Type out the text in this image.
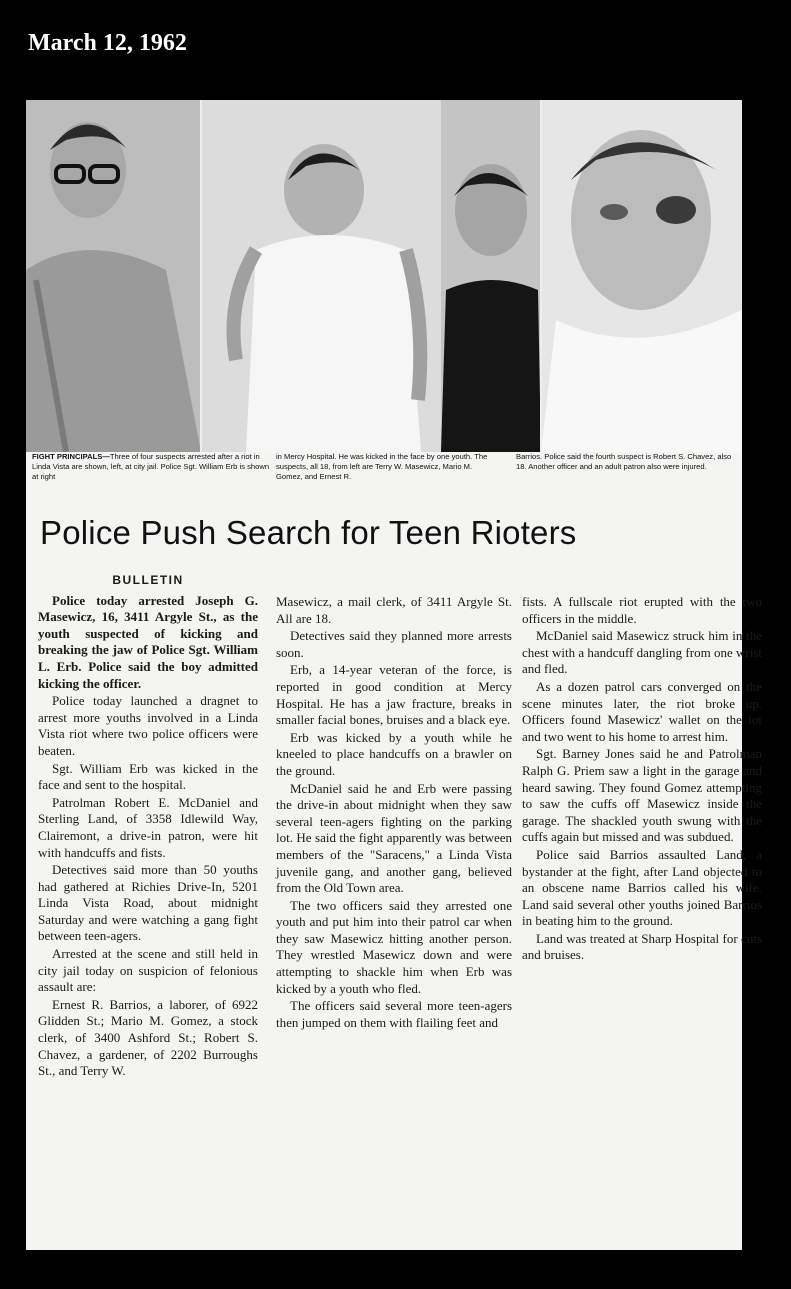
March 12, 1962
FIGHT PRINCIPALS—Three of four suspects arrested after a riot in Linda Vista are shown, left, at city jail. Police Sgt. William Erb is shown at right
in Mercy Hospital. He was kicked in the face by one youth. The suspects, all 18, from left are Terry W. Masewicz, Mario M. Gomez, and Ernest R.
Barrios. Police said the fourth suspect is Robert S. Chavez, also 18. Another officer and an adult patron also were injured.
Police Push Search for Teen Rioters
BULLETIN

Police today arrested Joseph G. Masewicz, 16, 3411 Argyle St., as the youth suspected of kicking and breaking the jaw of Police Sgt. William L. Erb. Police said the boy admitted kicking the officer.

Police today launched a dragnet to arrest more youths involved in a Linda Vista riot where two police officers were beaten.

Sgt. William Erb was kicked in the face and sent to the hospital.

Patrolman Robert E. McDaniel and Sterling Land, of 3358 Idlewild Way, Clairemont, a drive-in patron, were hit with handcuffs and fists.

Detectives said more than 50 youths had gathered at Richies Drive-In, 5201 Linda Vista Road, about midnight Saturday and were watching a gang fight between teen-agers.

Arrested at the scene and still held in city jail today on suspicion of felonious assault are:

Ernest R. Barrios, a laborer, of 6922 Glidden St.; Mario M. Gomez, a stock clerk, of 3400 Ashford St.; Robert S. Chavez, a gardener, of 2202 Burroughs St., and Terry W.

Masewicz, a mail clerk, of 3411 Argyle St. All are 18.

Detectives said they planned more arrests soon.

Erb, a 14-year veteran of the force, is reported in good condition at Mercy Hospital. He has a jaw fracture, breaks in smaller facial bones, bruises and a black eye.

Erb was kicked by a youth while he kneeled to place handcuffs on a brawler on the ground.

McDaniel said he and Erb were passing the drive-in about midnight when they saw several teen-agers fighting on the parking lot. He said the fight apparently was between members of the "Saracens," a Linda Vista juvenile gang, and another gang, believed from the Old Town area.

The two officers said they arrested one youth and put him into their patrol car when they saw Masewicz hitting another person. They wrestled Masewicz down and were attempting to shackle him when Erb was kicked by a youth who fled.

The officers said several more teen-agers then jumped on them with flailing feet and

fists. A fullscale riot erupted with the two officers in the middle.

McDaniel said Masewicz struck him in the chest with a handcuff dangling from one wrist and fled.

As a dozen patrol cars converged on the scene minutes later, the riot broke up. Officers found Masewicz' wallet on the lot and two went to his home to arrest him.

Sgt. Barney Jones said he and Patrolman Ralph G. Priem saw a light in the garage and heard sawing. They found Gomez attempting to saw the cuffs off Masewicz inside the garage. The shackled youth swung with the cuffs again but missed and was subdued.

Police said Barrios assaulted Land, a bystander at the fight, after Land objected to an obscene name Barrios called his wife. Land said several other youths joined Barrios in beating him to the ground.

Land was treated at Sharp Hospital for cuts and bruises.
